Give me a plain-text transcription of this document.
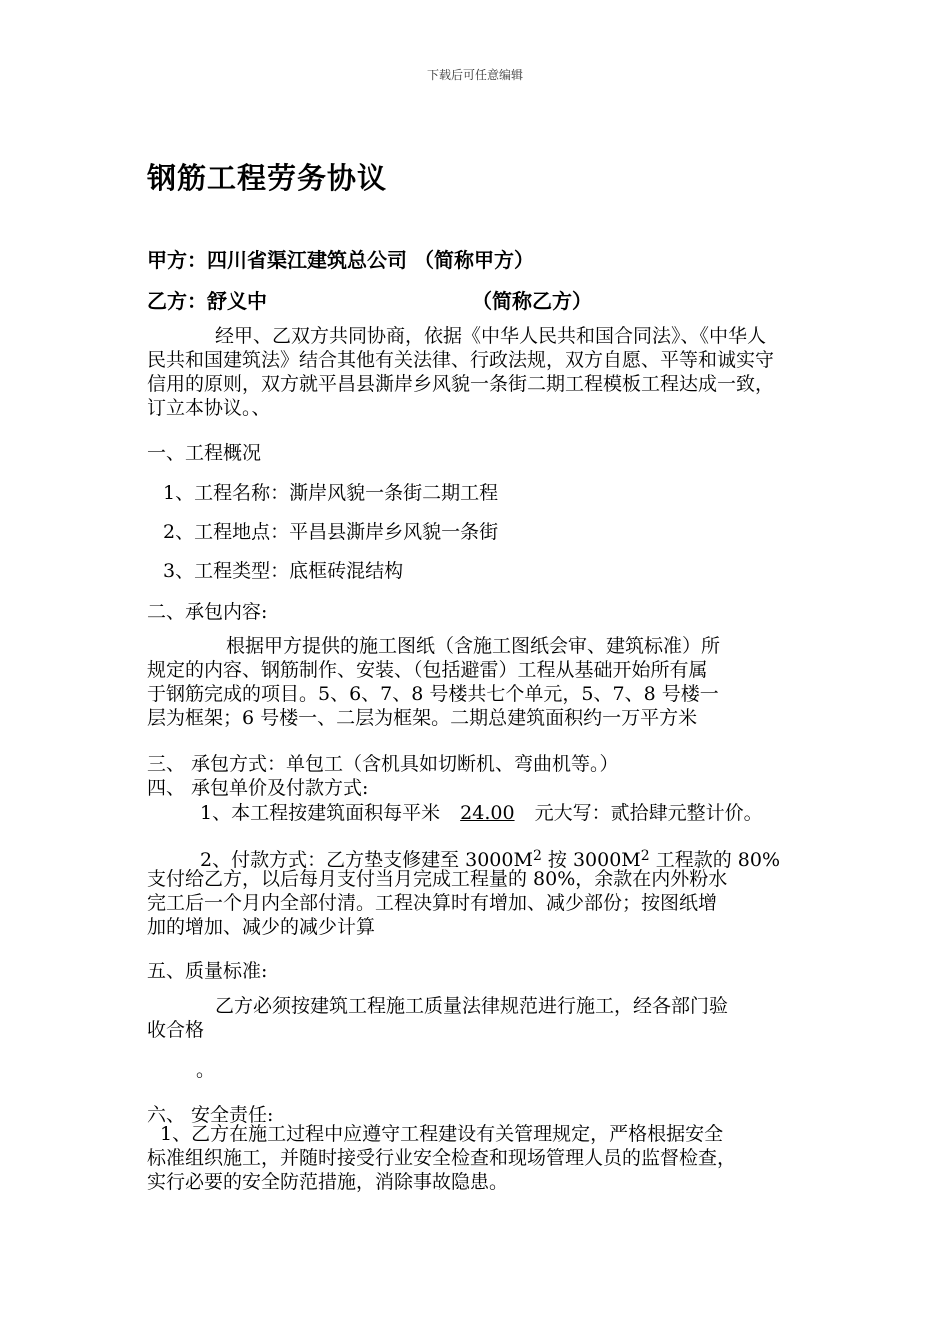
下载后可任意编辑
钢筋工程劳务协议
甲方：四川省渠江建筑总公司 （简称甲方）
乙方：舒义中	（简称乙方）
经甲、乙双方共同协商，依据《中华人民共和国合同法》、《中华人
民共和国建筑法》结合其他有关法律、行政法规，双方自愿、平等和诚实守
信用的原则，双方就平昌县澌岸乡风貌一条街二期工程模板工程达成一致，
订立本协议。、
一、工程概况
1、工程名称：澌岸风貌一条街二期工程
2、工程地点：平昌县澌岸乡风貌一条街
3、工程类型：底框砖混结构
二、承包内容:
根据甲方提供的施工图纸（含施工图纸会审、建筑标准）所
规定的内容、钢筋制作、安装、（包括避雷）工程从基础开始所有属
于钢筋完成的项目。5、6、7、8 号楼共七个单元，5、7、8 号楼一
层为框架；6 号楼一、二层为框架。二期总建筑面积约一万平方米
三、 承包方式：单包工（含机具如切断机、弯曲机等。）
四、 承包单价及付款方式:
1、本工程按建筑面积每平米 24.00 元大写：贰拾肆元整计价。
2、付款方式：乙方垫支修建至 $3000M^2$ 按 $3000M^2$ 工程款的 80%
支付给乙方，以后每月支付当月完成工程量的 80%，余款在内外粉水
完工后一个月内全部付清。工程决算时有增加、减少部份；按图纸增
加的增加、减少的减少计算
五、质量标准:
乙方必须按建筑工程施工质量法律规范进行施工，经各部门验
收合格
。
六、 安全责任:
1、乙方在施工过程中应遵守工程建设有关管理规定，严格根据安全
标准组织施工，并随时接受行业安全检查和现场管理人员的监督检查，
实行必要的安全防范措施，消除事故隐患。
